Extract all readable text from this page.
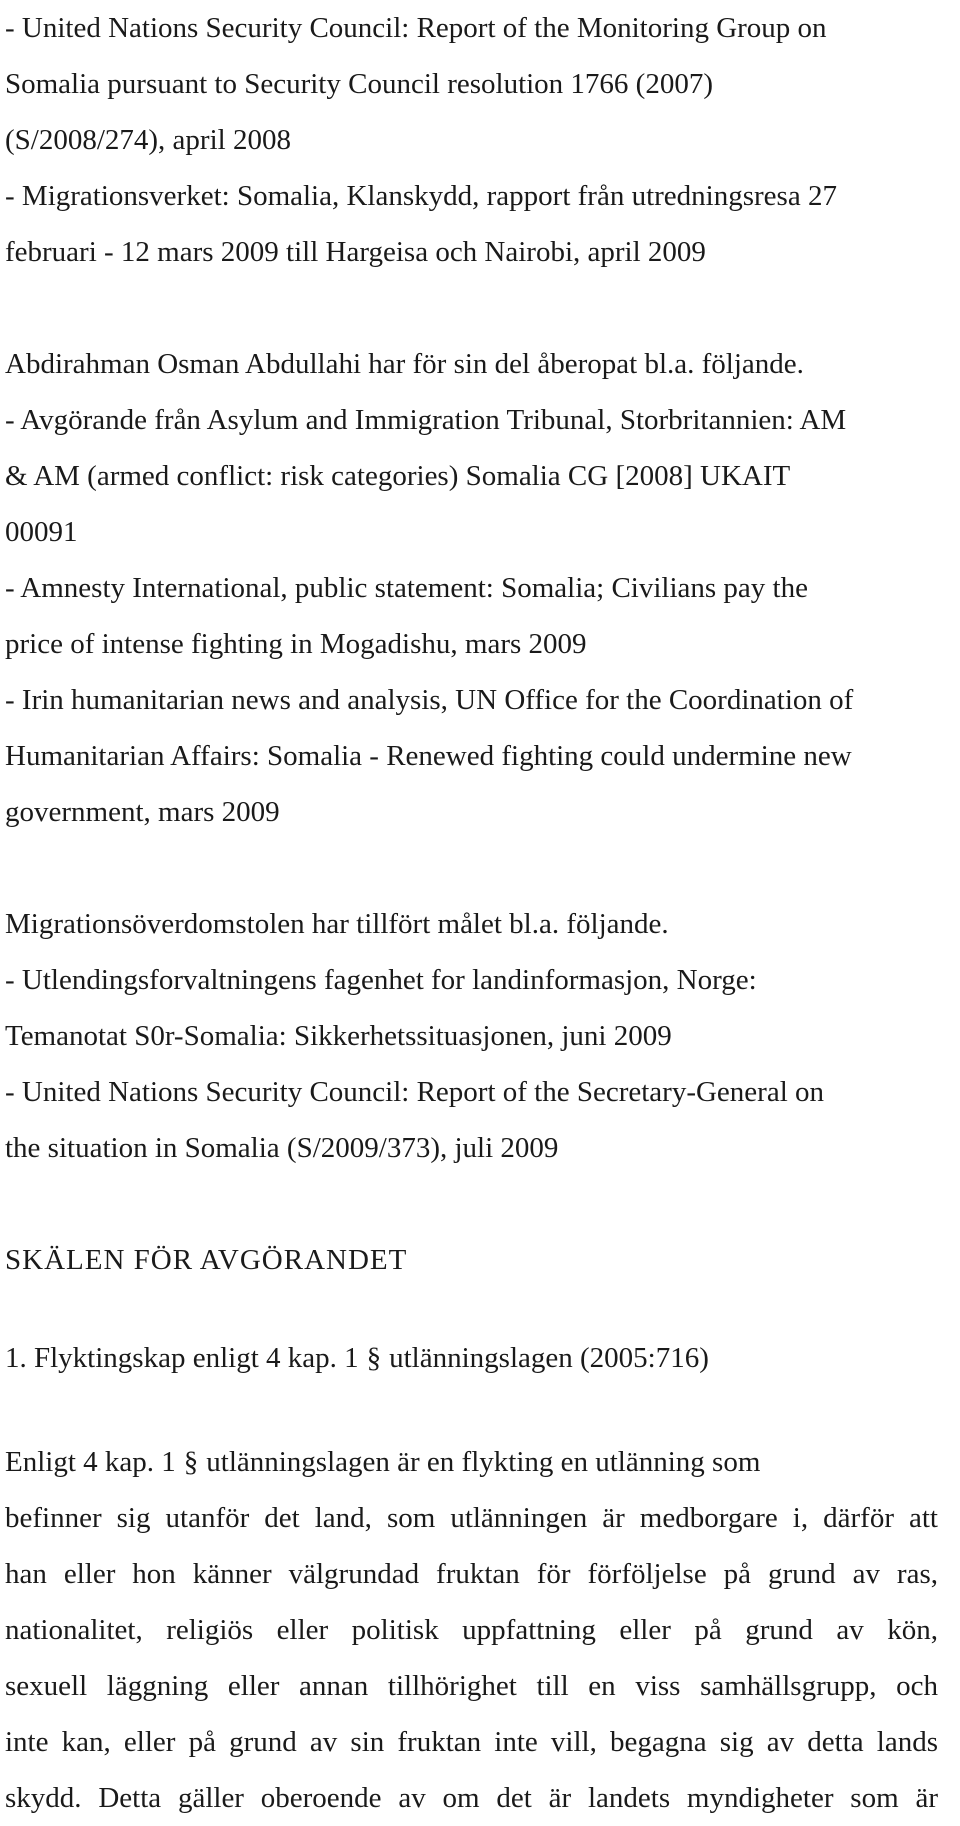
- United Nations Security Council: Report of the Monitoring Group on
Somalia pursuant to Security Council resolution 1766 (2007)
(S/2008/274), april 2008
- Migrationsverket: Somalia, Klanskydd, rapport från utredningsresa 27
februari - 12 mars 2009 till Hargeisa och Nairobi, april 2009
Abdirahman Osman Abdullahi har för sin del åberopat bl.a. följande.
- Avgörande från Asylum and Immigration Tribunal, Storbritannien: AM
& AM (armed conflict: risk categories) Somalia CG [2008] UKAIT
00091
- Amnesty International, public statement: Somalia; Civilians pay the
price of intense fighting in Mogadishu, mars 2009
- Irin humanitarian news and analysis, UN Office for the Coordination of
Humanitarian Affairs: Somalia - Renewed fighting could undermine new
government, mars 2009
Migrationsöverdomstolen har tillfört målet bl.a. följande.
- Utlendingsforvaltningens fagenhet for landinformasjon, Norge:
Temanotat S0r-Somalia: Sikkerhetssituasjonen, juni 2009
- United Nations Security Council: Report of the Secretary-General on
the situation in Somalia (S/2009/373), juli 2009
SKÄLEN FÖR AVGÖRANDET
1. Flyktingskap enligt 4 kap. 1 § utlänningslagen (2005:716)
Enligt 4 kap. 1 § utlänningslagen är en flykting en utlänning som
befinner sig utanför det land, som utlänningen är medborgare i, därför att
han eller hon känner välgrundad fruktan för förföljelse på grund av ras,
nationalitet, religiös eller politisk uppfattning eller på grund av kön,
sexuell läggning eller annan tillhörighet till en viss samhällsgrupp, och
inte kan, eller på grund av sin fruktan inte vill, begagna sig av detta lands
skydd. Detta gäller oberoende av om det är landets myndigheter som är
